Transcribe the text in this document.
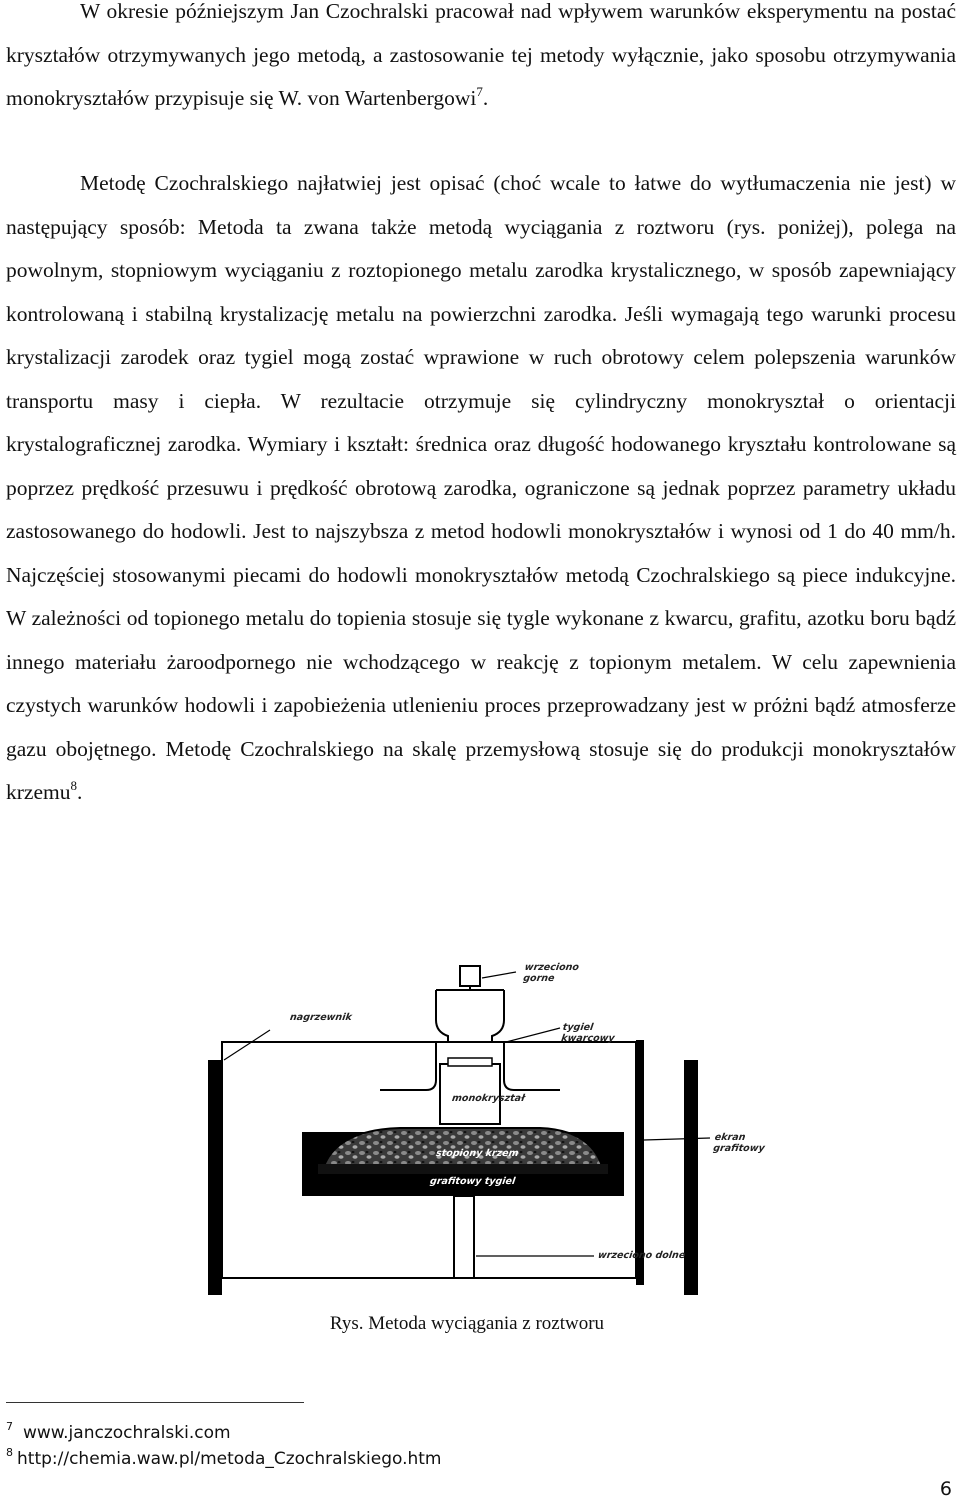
W okresie późniejszym Jan Czochralski pracował nad wpływem warunków eksperymentu na postać kryształów otrzymywanych jego metodą, a zastosowanie tej metody wyłącznie, jako sposobu otrzymywania monokryształów przypisuje się W. von Wartenbergowi$^7$.

Metodę Czochralskiego najłatwiej jest opisać (choć wcale to łatwe do wytłumaczenia nie jest) w następujący sposób: Metoda ta zwana także metodą wyciągania z roztworu (rys. poniżej), polega na powolnym, stopniowym wyciąganiu z roztopionego metalu zarodka krystalicznego, w sposób zapewniający kontrolowaną i stabilną krystalizację metalu na powierzchni zarodka. Jeśli wymagają tego warunki procesu krystalizacji zarodek oraz tygiel mogą zostać wprawione w ruch obrotowy celem polepszenia warunków transportu masy i ciepła. W rezultacie otrzymuje się cylindryczny monokryształ o orientacji krystalograficznej zarodka. Wymiary i kształt: średnica oraz długość hodowanego kryształu kontrolowane są poprzez prędkość przesuwu i prędkość obrotową zarodka, ograniczone są jednak poprzez parametry układu zastosowanego do hodowli. Jest to najszybsza z metod hodowli monokryształów i wynosi od 1 do 40 mm/h. Najczęściej stosowanymi piecami do hodowli monokryształów metodą Czochralskiego są piece indukcyjne. W zależności od topionego metalu do topienia stosuje się tygle wykonane z kwarcu, grafitu, azotku boru bądź innego materiału żaroodpornego nie wchodzącego w reakcję z topionym metalem. W celu zapewnienia czystych warunków hodowli i zapobieżenia utlenieniu proces przeprowadzany jest w próżni bądź atmosferze gazu obojętnego. Metodę Czochralskiego na skalę przemysłową stosuje się do produkcji monokryształów krzemu$^8$.

wrzeciono
gorne
nagrzewnik
tygiel
kwarcowy
monokryształ
stopiony krzem
grafitowy tygiel
ekran
grafitowy
wrzeciono dolne
Rys. Metoda wyciągania z roztworu
$^7$ www.janczochralski.com
$^8$ http://chemia.waw.pl/metoda_Czochralskiego.htm
6
